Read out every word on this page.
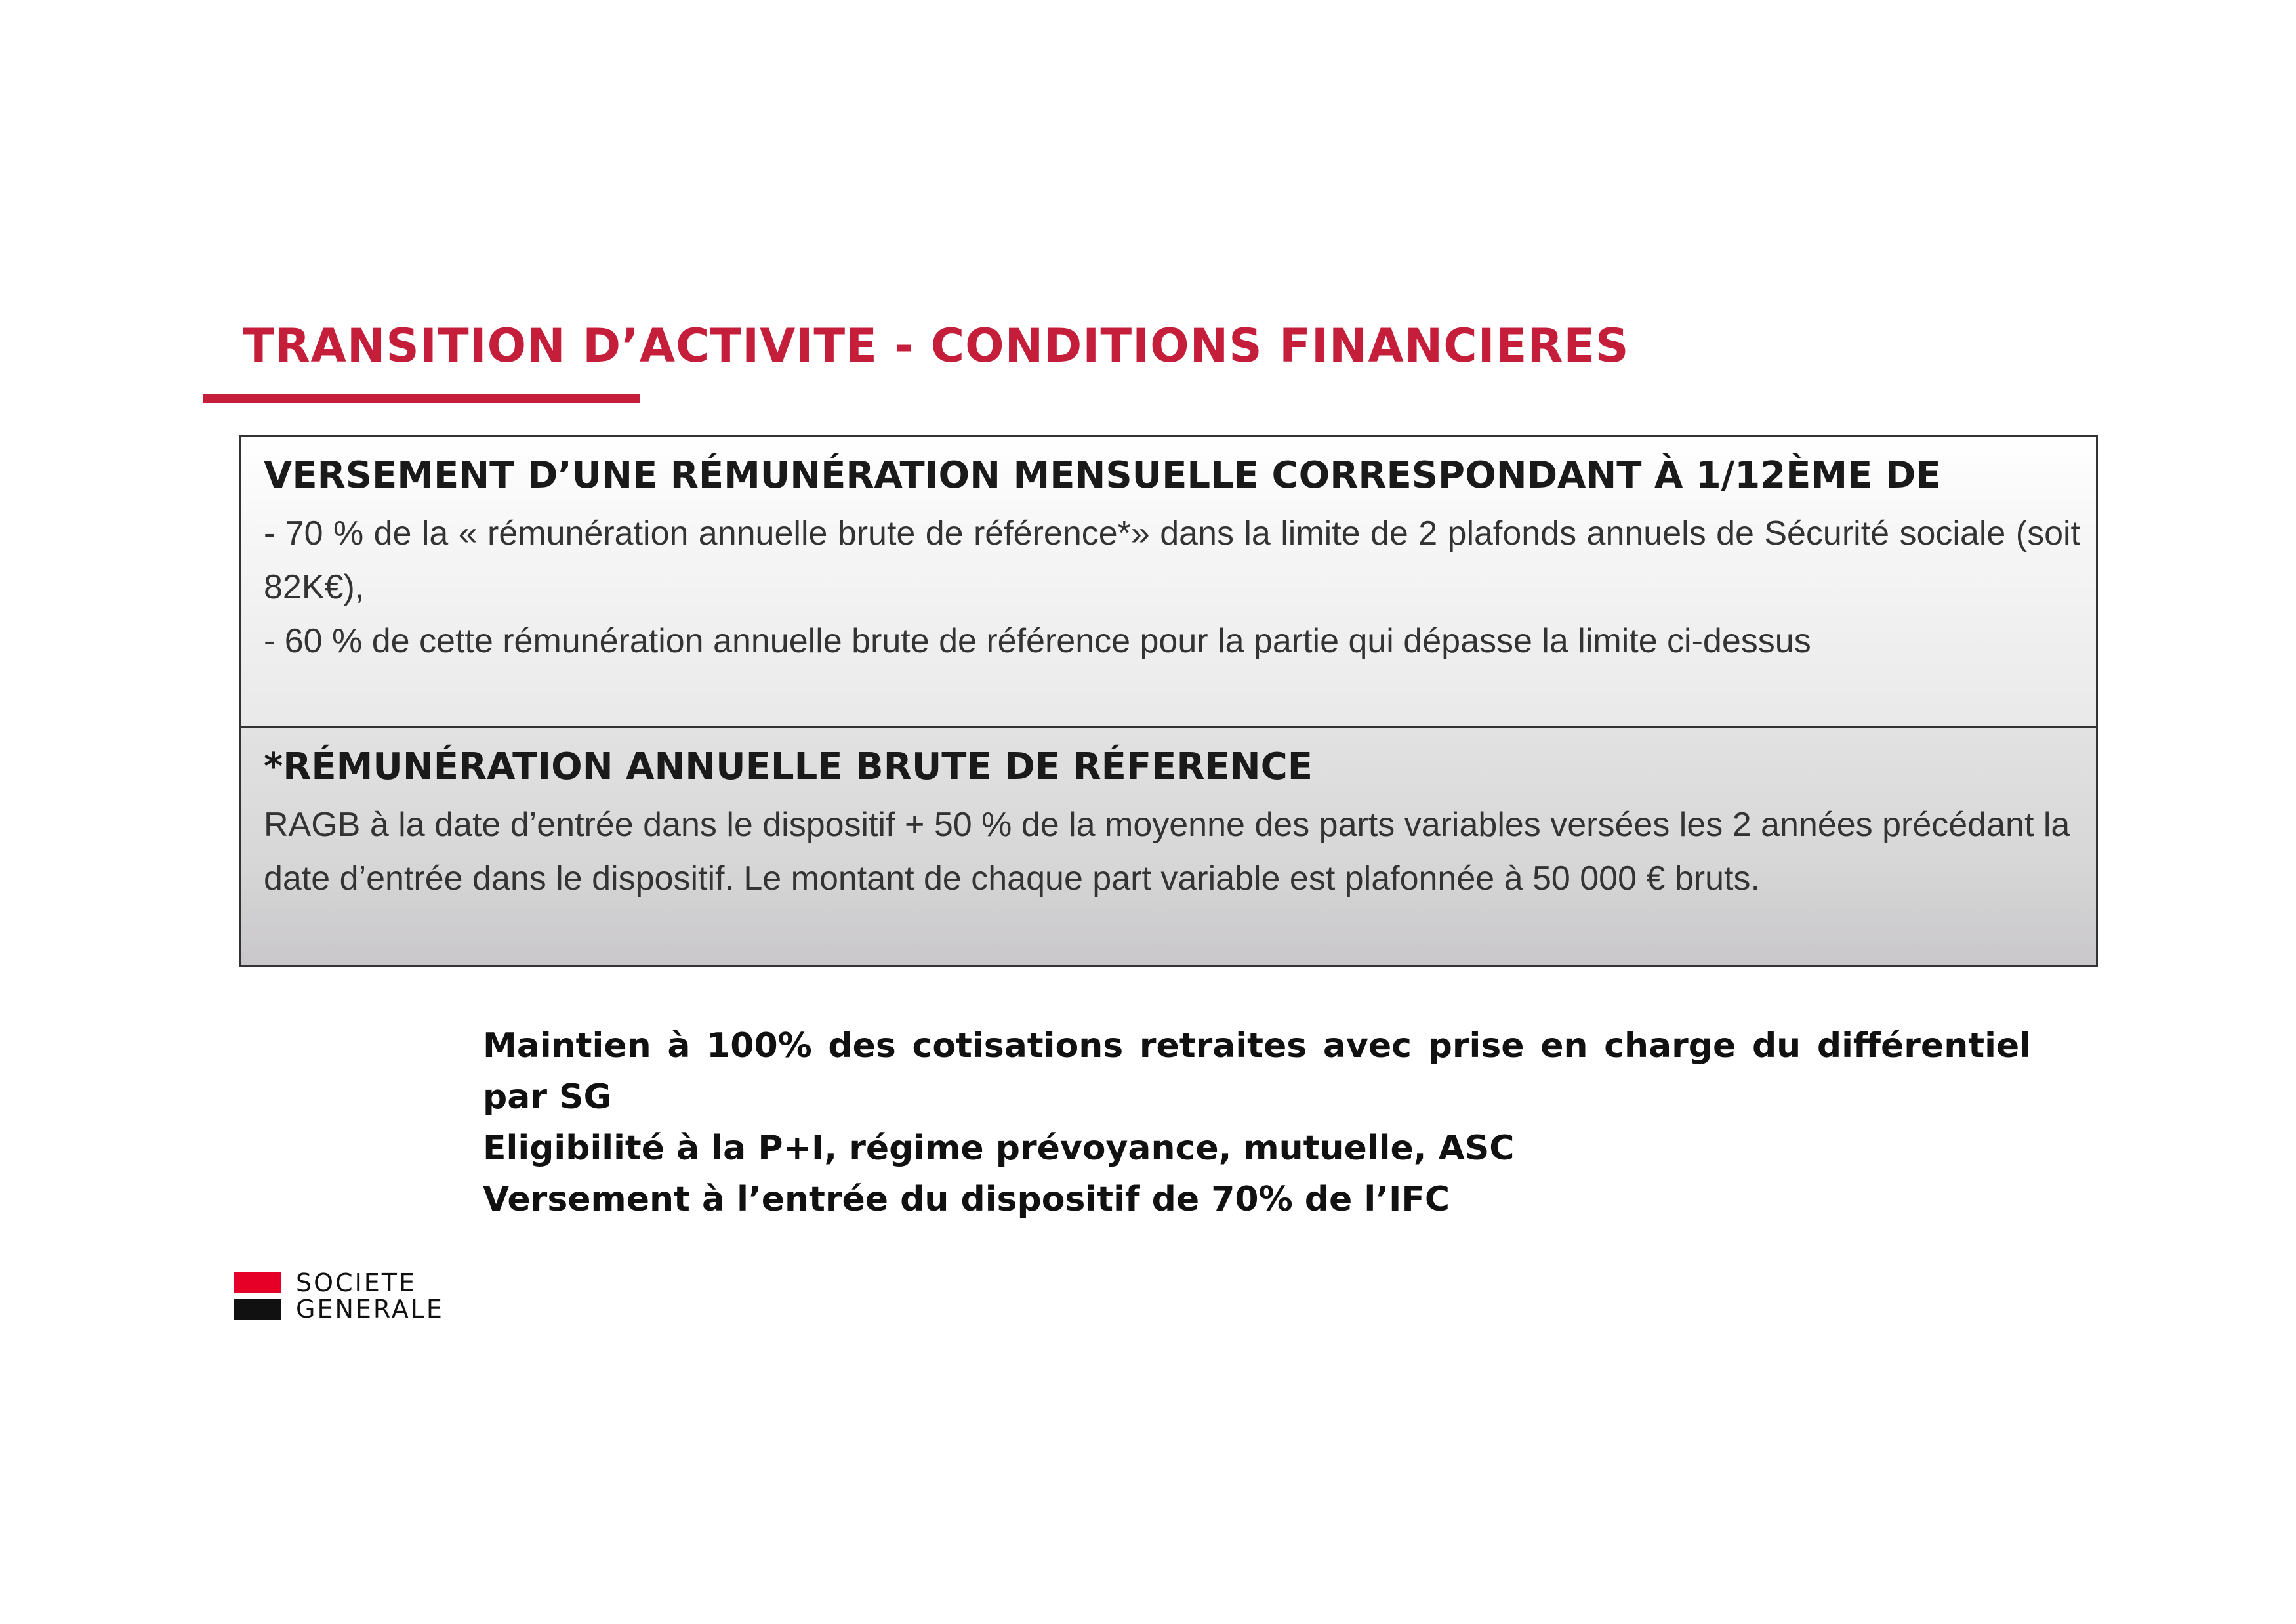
TRANSITION D’ACTIVITE - CONDITIONS FINANCIERES
VERSEMENT D’UNE RÉMUNÉRATION MENSUELLE CORRESPONDANT À 1/12ÈME DE

- 70 % de la « rémunération annuelle brute de référence*» dans la limite de 2 plafonds annuels de Sécurité sociale (soit 82K€),

- 60 % de cette rémunération annuelle brute de référence pour la partie qui dépasse la limite ci-dessus

*RÉMUNÉRATION ANNUELLE BRUTE DE RÉFERENCE

RAGB à la date d’entrée dans le dispositif + 50 % de la moyenne des parts variables versées les 2 années précédant la date d’entrée dans le dispositif. Le montant de chaque part variable est plafonnée à 50 000 € bruts.

Maintien à 100% des cotisations retraites avec prise en charge du différentiel par SG

Eligibilité à la P+I, régime prévoyance, mutuelle, ASC

Versement à l’entrée du dispositif de 70% de l’IFC

SOCIETE
GENERALE
